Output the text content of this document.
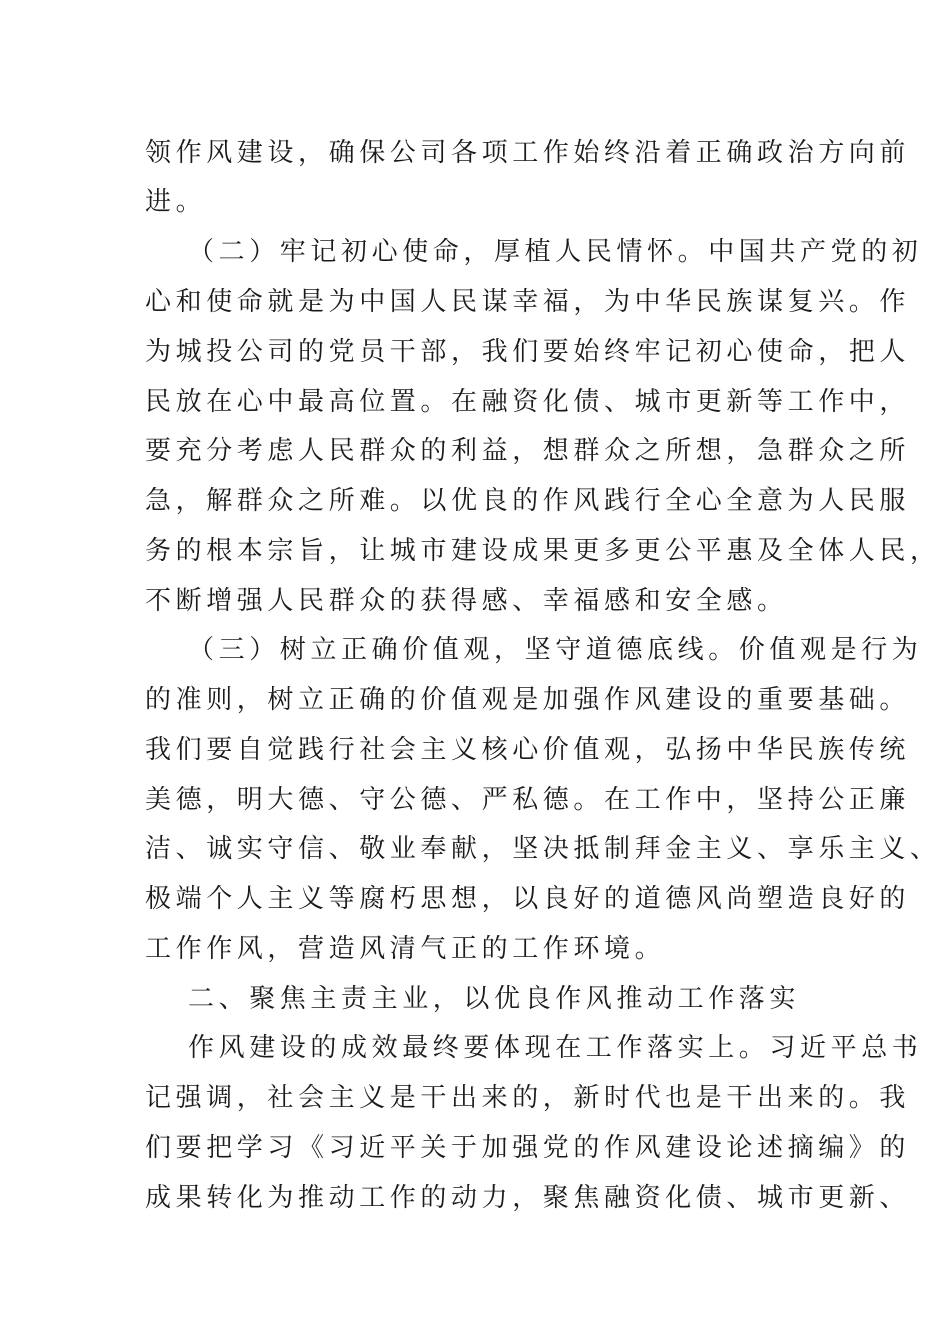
领作风建设，确保公司各项工作始终沿着正确政治方向前
进。
（二）牢记初心使命，厚植人民情怀。中国共产党的初
心和使命就是为中国人民谋幸福，为中华民族谋复兴。作
为城投公司的党员干部，我们要始终牢记初心使命，把人
民放在心中最高位置。在融资化债、城市更新等工作中，
要充分考虑人民群众的利益，想群众之所想，急群众之所
急，解群众之所难。以优良的作风践行全心全意为人民服
务的根本宗旨，让城市建设成果更多更公平惠及全体人民，
不断增强人民群众的获得感、幸福感和安全感。
（三）树立正确价值观，坚守道德底线。价值观是行为
的准则，树立正确的价值观是加强作风建设的重要基础。
我们要自觉践行社会主义核心价值观，弘扬中华民族传统
美德，明大德、守公德、严私德。在工作中，坚持公正廉
洁、诚实守信、敬业奉献，坚决抵制拜金主义、享乐主义、
极端个人主义等腐朽思想，以良好的道德风尚塑造良好的
工作作风，营造风清气正的工作环境。
二、聚焦主责主业，以优良作风推动工作落实
作风建设的成效最终要体现在工作落实上。习近平总书
记强调，社会主义是干出来的，新时代也是干出来的。我
们要把学习《习近平关于加强党的作风建设论述摘编》的
成果转化为推动工作的动力，聚焦融资化债、城市更新、
